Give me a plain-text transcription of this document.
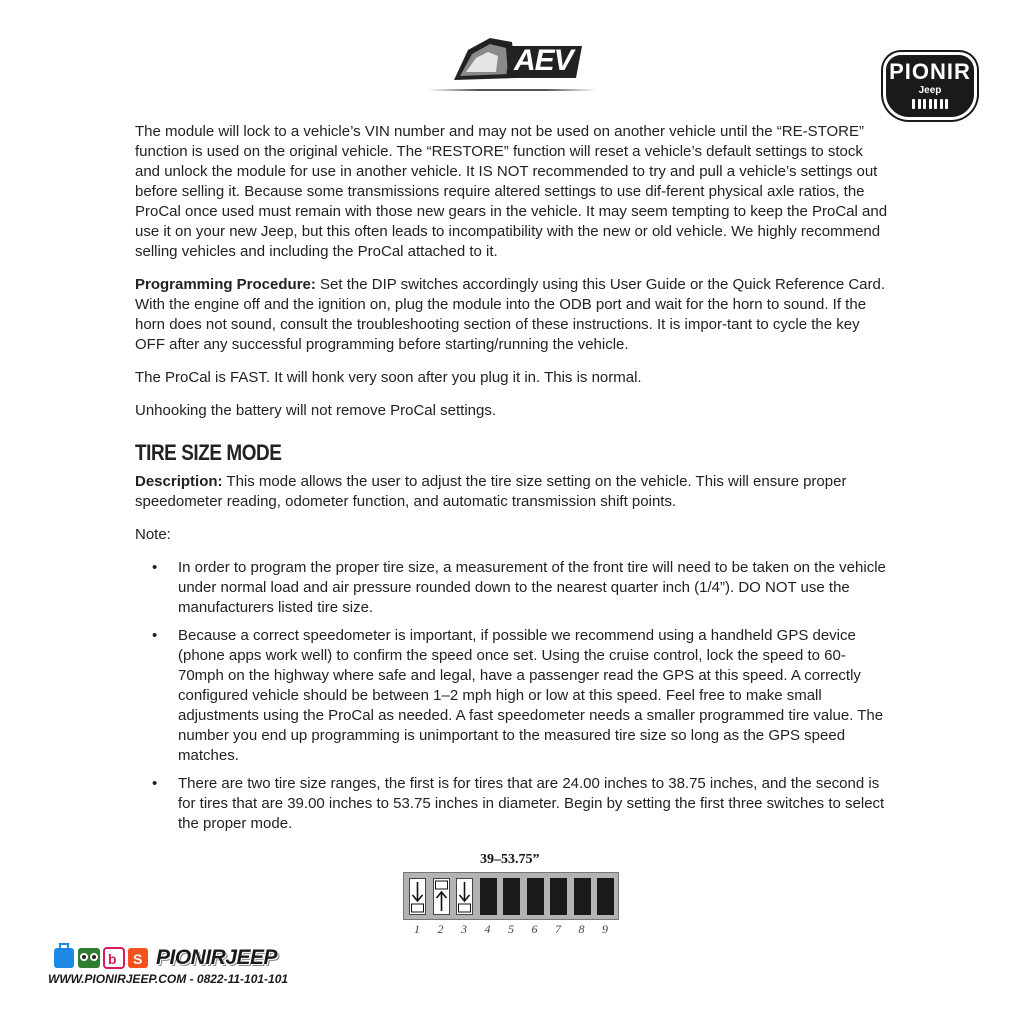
AEV	PIONIR
Jeep

The module will lock to a vehicle’s VIN number and may not be used on another vehicle until the “RE-STORE” function is used on the original vehicle. The “RESTORE” function will reset a vehicle’s default settings to stock and unlock the module for use in another vehicle. It IS NOT recommended to try and pull a vehicle’s settings out before selling it. Because some transmissions require altered settings to use dif-ferent physical axle ratios, the ProCal once used must remain with those new gears in the vehicle. It may seem tempting to keep the ProCal and use it on your new Jeep, but this often leads to incompatibility with the new or old vehicle. We highly recommend selling vehicles and including the ProCal attached to it.

Programming Procedure: Set the DIP switches accordingly using this User Guide or the Quick Reference Card. With the engine off and the ignition on, plug the module into the ODB port and wait for the horn to sound. If the horn does not sound, consult the troubleshooting section of these instructions. It is impor-tant to cycle the key OFF after any successful programming before starting/running the vehicle.

The ProCal is FAST. It will honk very soon after you plug it in. This is normal.

Unhooking the battery will not remove ProCal settings.

TIRE SIZE MODE

Description: This mode allows the user to adjust the tire size setting on the vehicle. This will ensure proper speedometer reading, odometer function, and automatic transmission shift points.

Note:

• In order to program the proper tire size, a measurement of the front tire will need to be taken on the vehicle under normal load and air pressure rounded down to the nearest quarter inch (1/4”). DO NOT use the manufacturers listed tire size.
• Because a correct speedometer is important, if possible we recommend using a handheld GPS device (phone apps work well) to confirm the speed once set. Using the cruise control, lock the speed to 60-70mph on the highway where safe and legal, have a passenger read the GPS at this speed. A correctly configured vehicle should be between 1–2 mph high or low at this speed. Feel free to make small adjustments using the ProCal as needed. A fast speedometer needs a smaller programmed tire value. The number you end up programming is unimportant to the measured tire size so long as the GPS speed matches.
• There are two tire size ranges, the first is for tires that are 24.00 inches to 38.75 inches, and the second is for tires that are 39.00 inches to 53.75 inches in diameter. Begin by setting the first three switches to select the proper mode.
39–53.75”
1 2 3 4 5 6 7 8 9
b S PIONIRJEEP
WWW.PIONIRJEEP.COM - 0822-11-101-101
